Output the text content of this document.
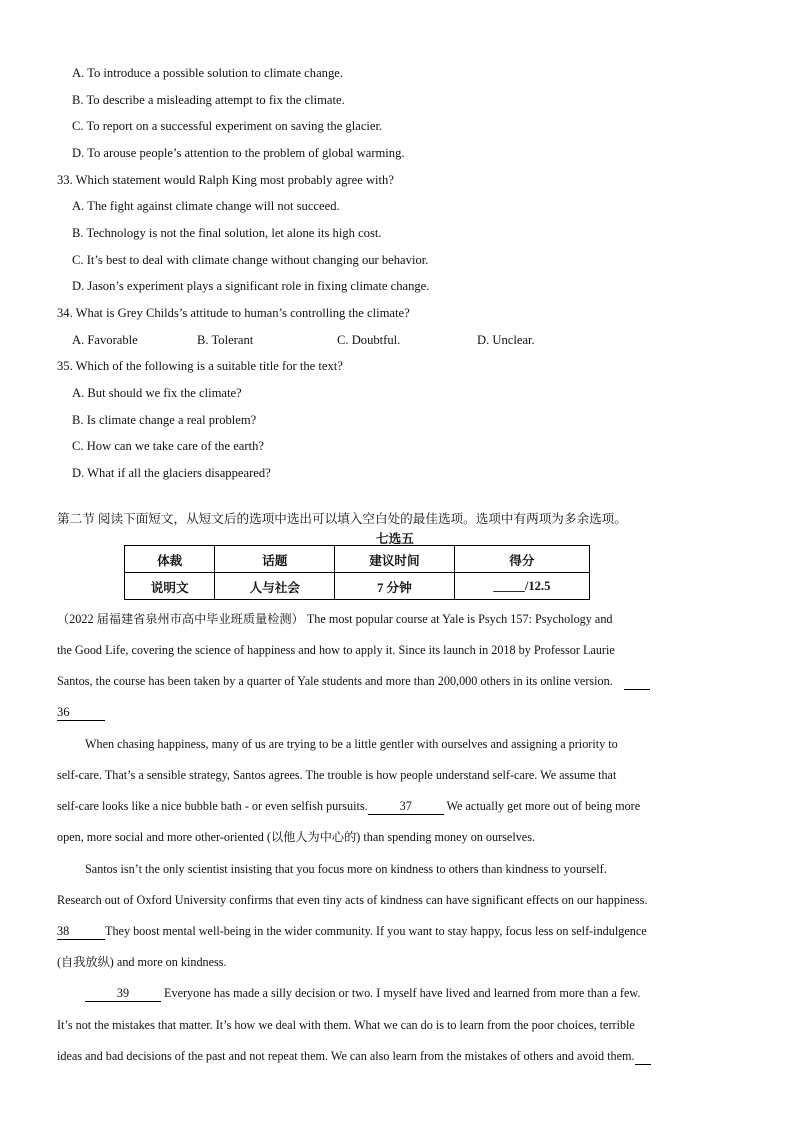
A. To introduce a possible solution to climate change.
B. To describe a misleading attempt to fix the climate.
C. To report on a successful experiment on saving the glacier.
D. To arouse people’s attention to the problem of global warming.
33. Which statement would Ralph King most probably agree with?
A. The fight against climate change will not succeed.
B. Technology is not the final solution, let alone its high cost.
C. It’s best to deal with climate change without changing our behavior.
D. Jason’s experiment plays a significant role in fixing climate change.
34. What is Grey Childs’s attitude to human’s controlling the climate?
A. Favorable	B. Tolerant	C. Doubtful.	D. Unclear.
35. Which of the following is a suitable title for the text?
A. But should we fix the climate?
B. Is climate change a real problem?
C. How can we take care of the earth?
D. What if all the glaciers disappeared?
第二节 阅读下面短文，从短文后的选项中选出可以填入空白处的最佳选项。选项中有两项为多余选项。
七选五
体裁	话题	建议时间	得分
说明文	人与社会	7 分钟	_____/12.5
（2022 届福建省泉州市高中毕业班质量检测） The most popular course at Yale is Psych 157: Psychology and
the Good Life, covering the science of happiness and how to apply it. Since its launch in 2018 by Professor Laurie
Santos, the course has been taken by a quarter of Yale students and more than 200,000 others in its online version.
36
When chasing happiness, many of us are trying to be a little gentler with ourselves and assigning a priority to
self-care. That’s a sensible strategy, Santos agrees. The trouble is how people understand self-care. We assume that
self-care looks like a nice bubble bath - or even selfish pursuits.	37	We actually get more out of being more
open, more social and more other-oriented (以他人为中心的) than spending money on ourselves.
Santos isn’t the only scientist insisting that you focus more on kindness to others than kindness to yourself.
Research out of Oxford University confirms that even tiny acts of kindness can have significant effects on our happiness.
38	They boost mental well-being in the wider community. If you want to stay happy, focus less on self-indulgence
(自我放纵) and more on kindness.
39	Everyone has made a silly decision or two. I myself have lived and learned from more than a few.
It’s not the mistakes that matter. It’s how we deal with them. What we can do is to learn from the poor choices, terrible
ideas and bad decisions of the past and not repeat them. We can also learn from the mistakes of others and avoid them.
